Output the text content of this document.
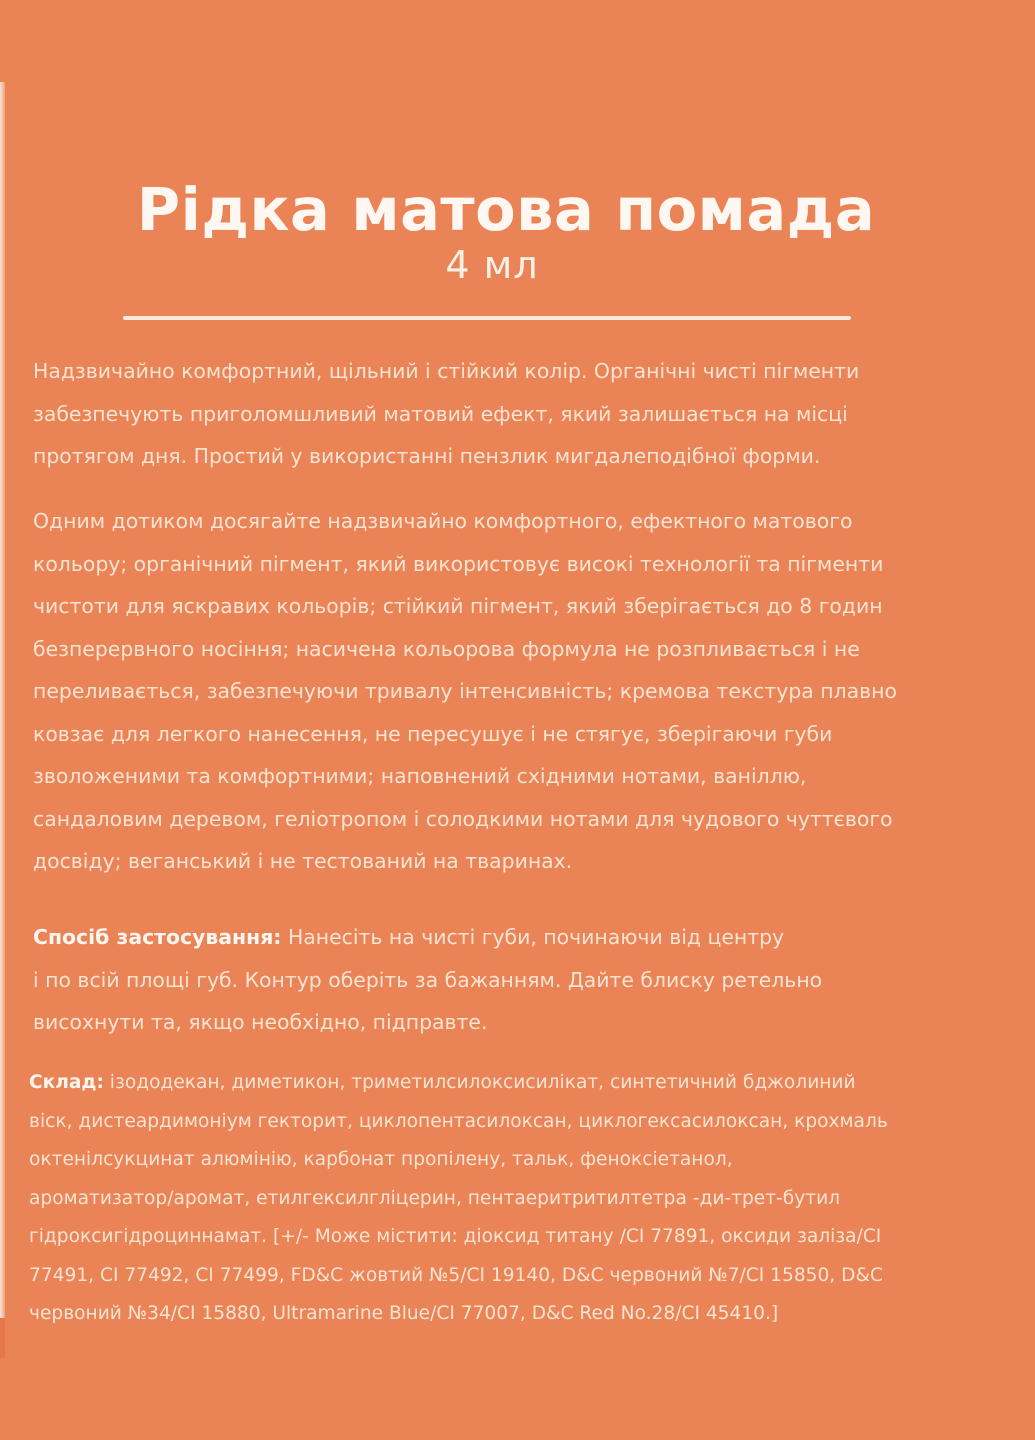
Рідка матова помада
4 мл

Надзвичайно комфортний, щільний і стійкий колір. Органічні чисті пігменти
забезпечують приголомшливий матовий ефект, який залишається на місці
протягом дня. Простий у використанні пензлик мигдалеподібної форми.

Одним дотиком досягайте надзвичайно комфортного, ефектного матового
кольору; органічний пігмент, який використовує високі технології та пігменти
чистоти для яскравих кольорів; стійкий пігмент, який зберігається до 8 годин
безперервного носіння; насичена кольорова формула не розпливається і не
переливається, забезпечуючи тривалу інтенсивність; кремова текстура плавно
ковзає для легкого нанесення, не пересушує і не стягує, зберігаючи губи
зволоженими та комфортними; наповнений східними нотами, ваніллю,
сандаловим деревом, геліотропом і солодкими нотами для чудового чуттєвого
досвіду; веганський і не тестований на тваринах.

Спосіб застосування: Нанесіть на чисті губи, починаючи від центру
і по всій площі губ. Контур оберіть за бажанням. Дайте блиску ретельно
висохнути та, якщо необхідно, підправте.

Склад: ізододекан, диметикон, триметилсилоксисилікат, синтетичний бджолиний
віск, дистеардимоніум гекторит, циклопентасилоксан, циклогексасилоксан, крохмаль
октенілсукцинат алюмінію, карбонат пропілену, тальк, феноксіетанол,
ароматизатор/аромат, етилгексилгліцерин, пентаеритритилтетра -ди-трет-бутил
гідроксигідроциннамат. [+/- Може містити: діоксид титану /CI 77891, оксиди заліза/CI
77491, CI 77492, CI 77499, FD&C жовтий №5/CI 19140, D&C червоний №7/CI 15850, D&C
червоний №34/CI 15880, Ultramarine Blue/CI 77007, D&C Red No.28/CI 45410.]
